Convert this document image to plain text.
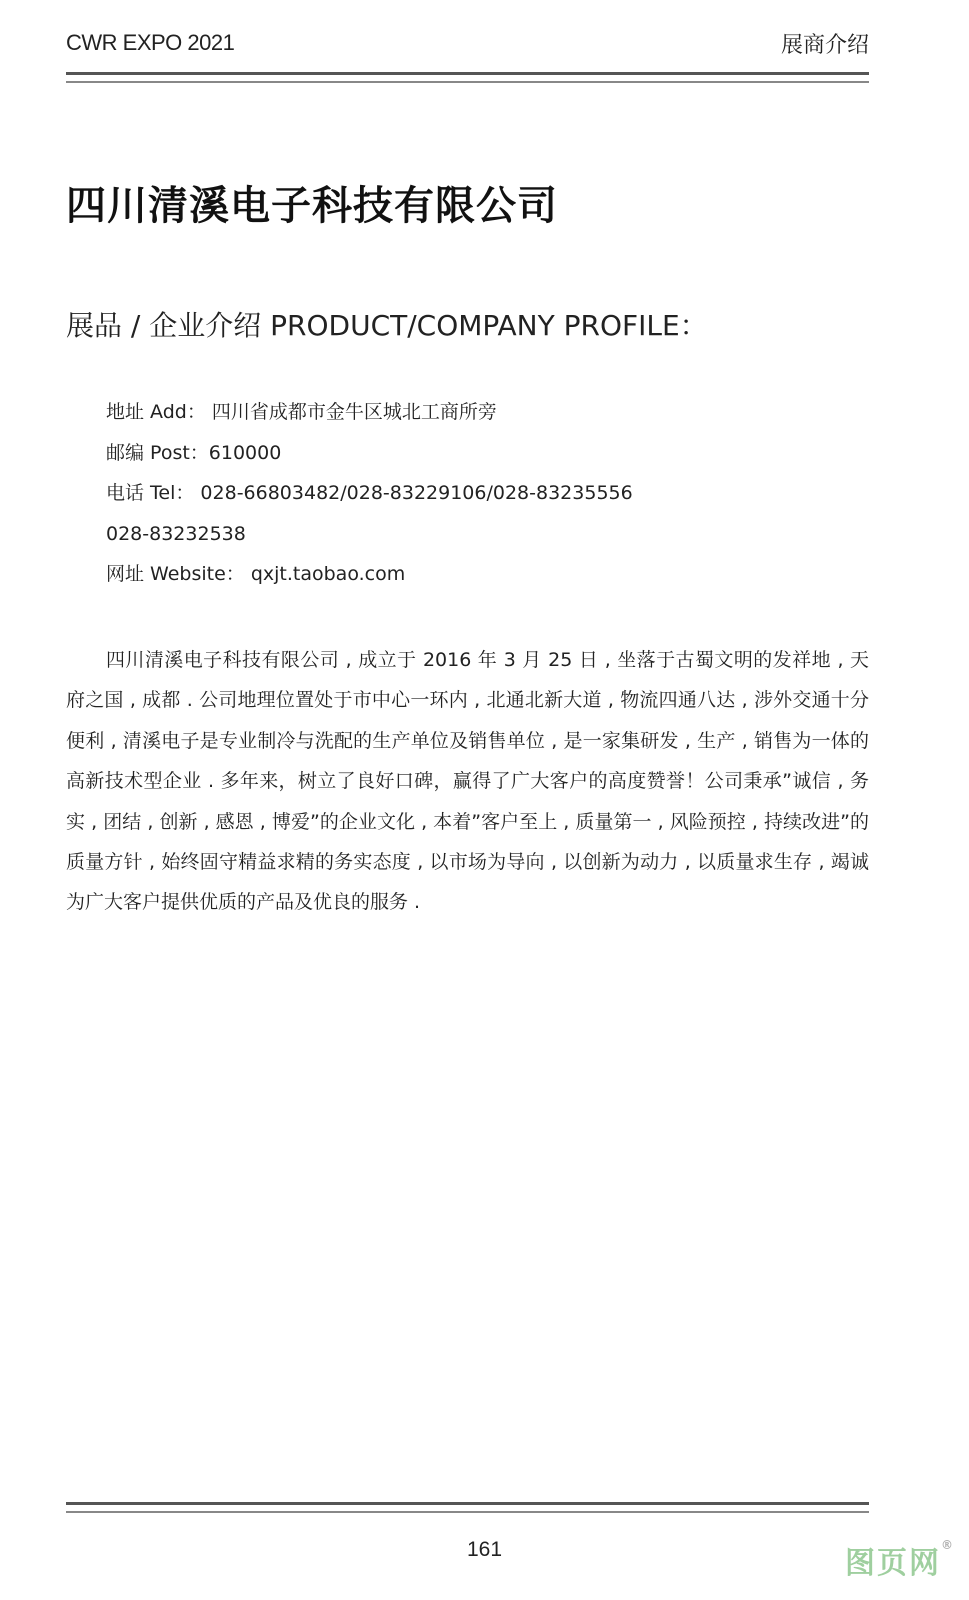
CWR EXPO 2021	展商介绍
四川清溪电子科技有限公司
展品 / 企业介绍 PRODUCT/COMPANY PROFILE：
地址 Add： 四川省成都市金牛区城北工商所旁
邮编 Post：610000
电话 Tel： 028-66803482/028-83229106/028-83235556
028-83232538
网址 Website： qxjt.taobao.com

四川清溪电子科技有限公司 , 成立于 2016 年 3 月 25 日 , 坐落于古蜀文明的发祥地 , 天府之国 , 成都 . 公司地理位置处于市中心一环内 , 北通北新大道 , 物流四通八达 , 涉外交通十分便利 , 清溪电子是专业制冷与洗配的生产单位及销售单位 , 是一家集研发 , 生产 , 销售为一体的高新技术型企业 . 多年来，树立了良好口碑，赢得了广大客户的高度赞誉！公司秉承”诚信 , 务实 , 团结 , 创新 , 感恩 , 博爱”的企业文化 , 本着”客户至上 , 质量第一 , 风险预控 , 持续改进”的质量方针 , 始终固守精益求精的务实态度 , 以市场为导向 , 以创新为动力 , 以质量求生存 , 竭诚为广大客户提供优质的产品及优良的服务 .

161	图页网®
